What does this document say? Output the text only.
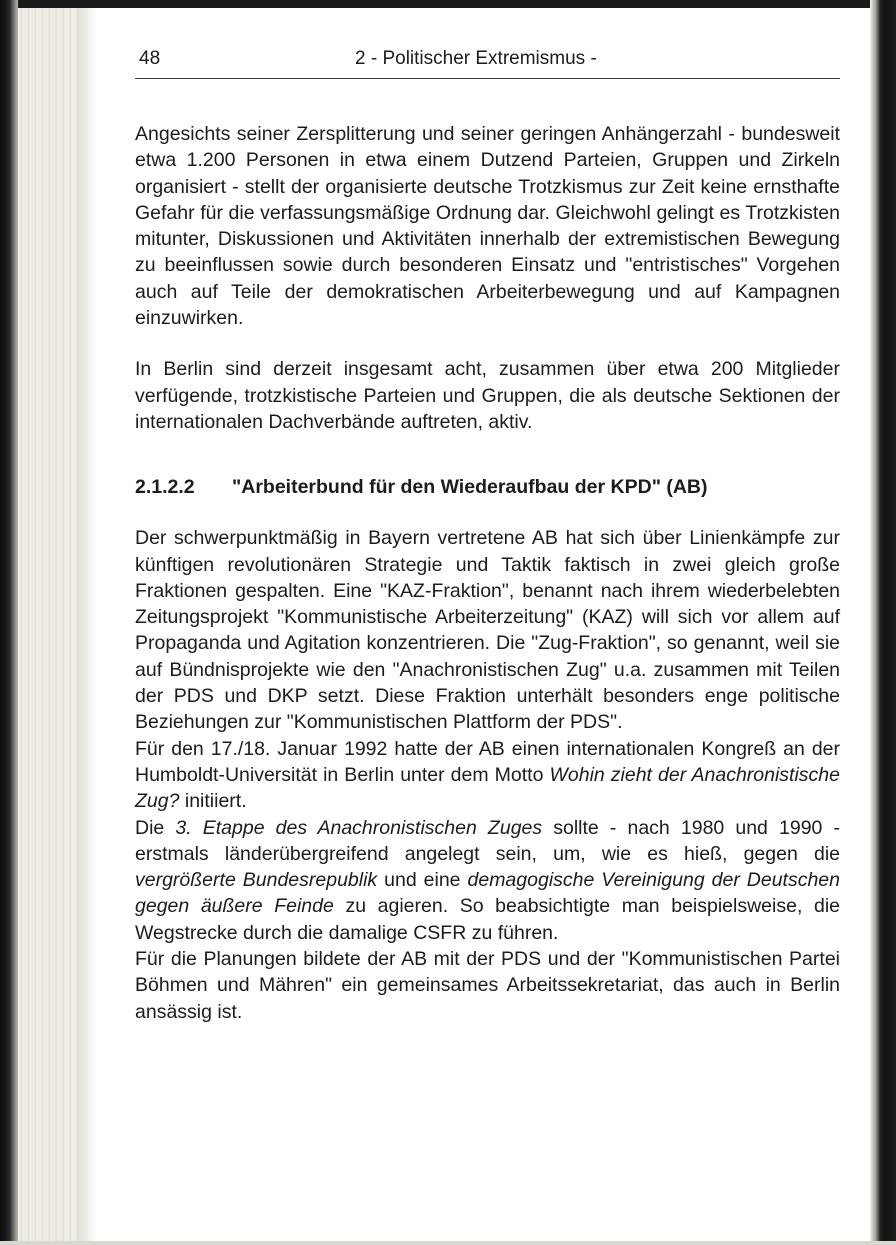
48	2 - Politischer Extremismus -

Angesichts seiner Zersplitterung und seiner geringen Anhängerzahl - bundesweit etwa 1.200 Personen in etwa einem Dutzend Parteien, Gruppen und Zirkeln organisiert - stellt der organisierte deutsche Trotzkismus zur Zeit keine ernsthafte Gefahr für die verfassungsmäßige Ordnung dar. Gleichwohl gelingt es Trotzkisten mitunter, Diskussionen und Aktivitäten innerhalb der extremistischen Bewegung zu beeinflussen sowie durch besonderen Einsatz und "entristisches" Vorgehen auch auf Teile der demokratischen Arbeiterbewegung und auf Kampagnen einzuwirken.

In Berlin sind derzeit insgesamt acht, zusammen über etwa 200 Mitglieder verfügende, trotzkistische Parteien und Gruppen, die als deutsche Sektionen der internationalen Dachverbände auftreten, aktiv.

2.1.2.2 "Arbeiterbund für den Wiederaufbau der KPD" (AB)

Der schwerpunktmäßig in Bayern vertretene AB hat sich über Linienkämpfe zur künftigen revolutionären Strategie und Taktik faktisch in zwei gleich große Fraktionen gespalten. Eine "KAZ-Fraktion", benannt nach ihrem wiederbelebten Zeitungsprojekt "Kommunistische Arbeiterzeitung" (KAZ) will sich vor allem auf Propaganda und Agitation konzentrieren. Die "Zug-Fraktion", so genannt, weil sie auf Bündnisprojekte wie den "Anachronistischen Zug" u.a. zusammen mit Teilen der PDS und DKP setzt. Diese Fraktion unterhält besonders enge politische Beziehungen zur "Kommunistischen Plattform der PDS".

Für den 17./18. Januar 1992 hatte der AB einen internationalen Kongreß an der Humboldt-Universität in Berlin unter dem Motto Wohin zieht der Anachronistische Zug? initiiert.

Die 3. Etappe des Anachronistischen Zuges sollte - nach 1980 und 1990 - erstmals länderübergreifend angelegt sein, um, wie es hieß, gegen die vergrößerte Bundesrepublik und eine demagogische Vereinigung der Deutschen gegen äußere Feinde zu agieren. So beabsichtigte man beispielsweise, die Wegstrecke durch die damalige CSFR zu führen.

Für die Planungen bildete der AB mit der PDS und der "Kommunistischen Partei Böhmen und Mähren" ein gemeinsames Arbeitssekretariat, das auch in Berlin ansässig ist.
